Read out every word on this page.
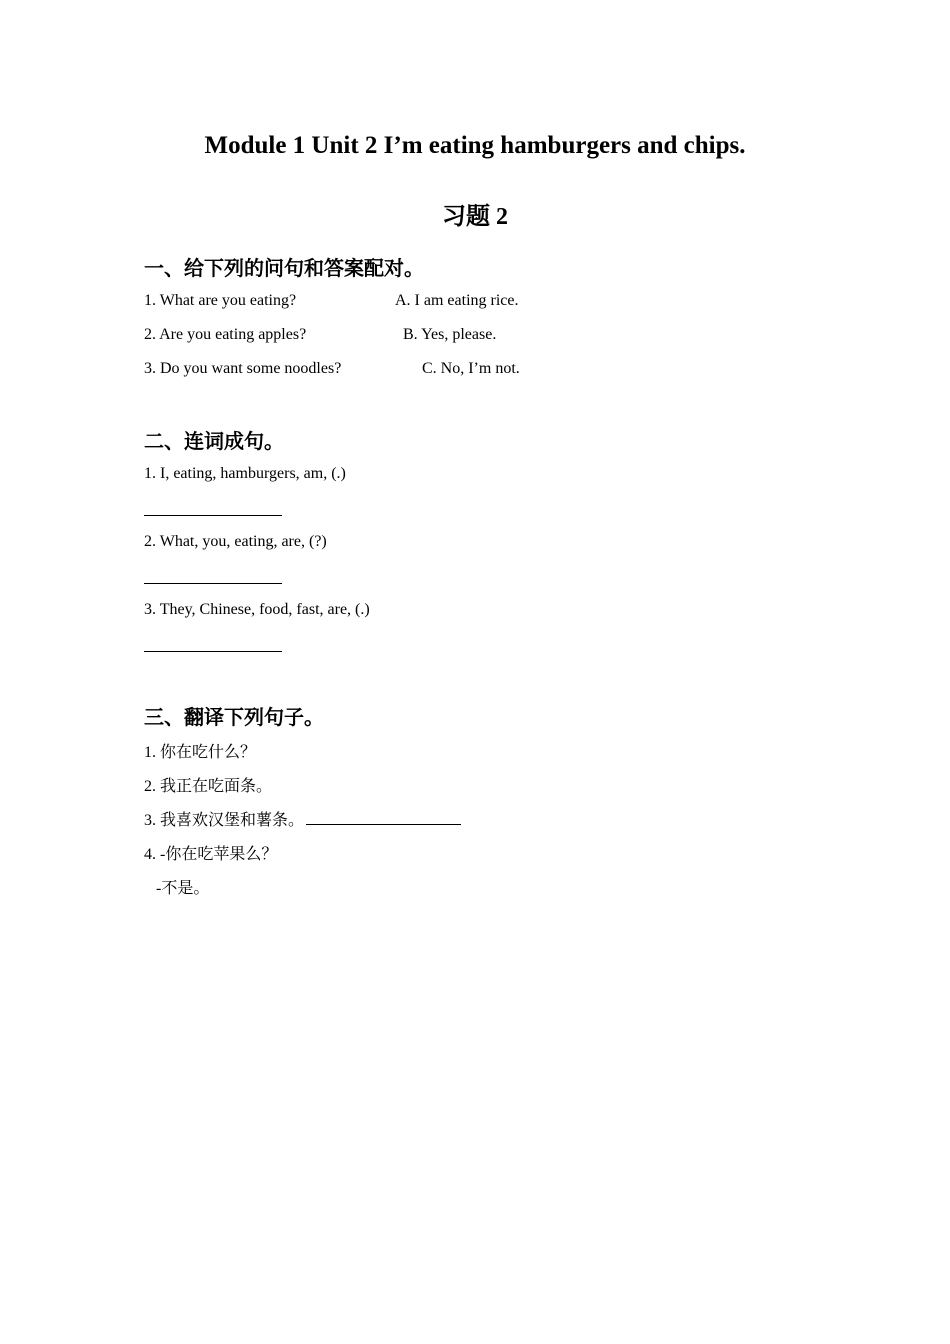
Module 1 Unit 2 I’m eating hamburgers and chips.
习题 2
一、给下列的问句和答案配对。
1. What are you eating?	A. I am eating rice.
2. Are you eating apples?	B. Yes, please.
3. Do you want some noodles?	C. No, I’m not.
二、连词成句。
1. I, eating, hamburgers, am, (.)
2. What, you, eating, are, (?)
3. They, Chinese, food, fast, are, (.)
三、翻译下列句子。
1. 你在吃什么？
2. 我正在吃面条。
3. 我喜欢汉堡和薯条。
4. -你在吃苹果么？
-不是。
